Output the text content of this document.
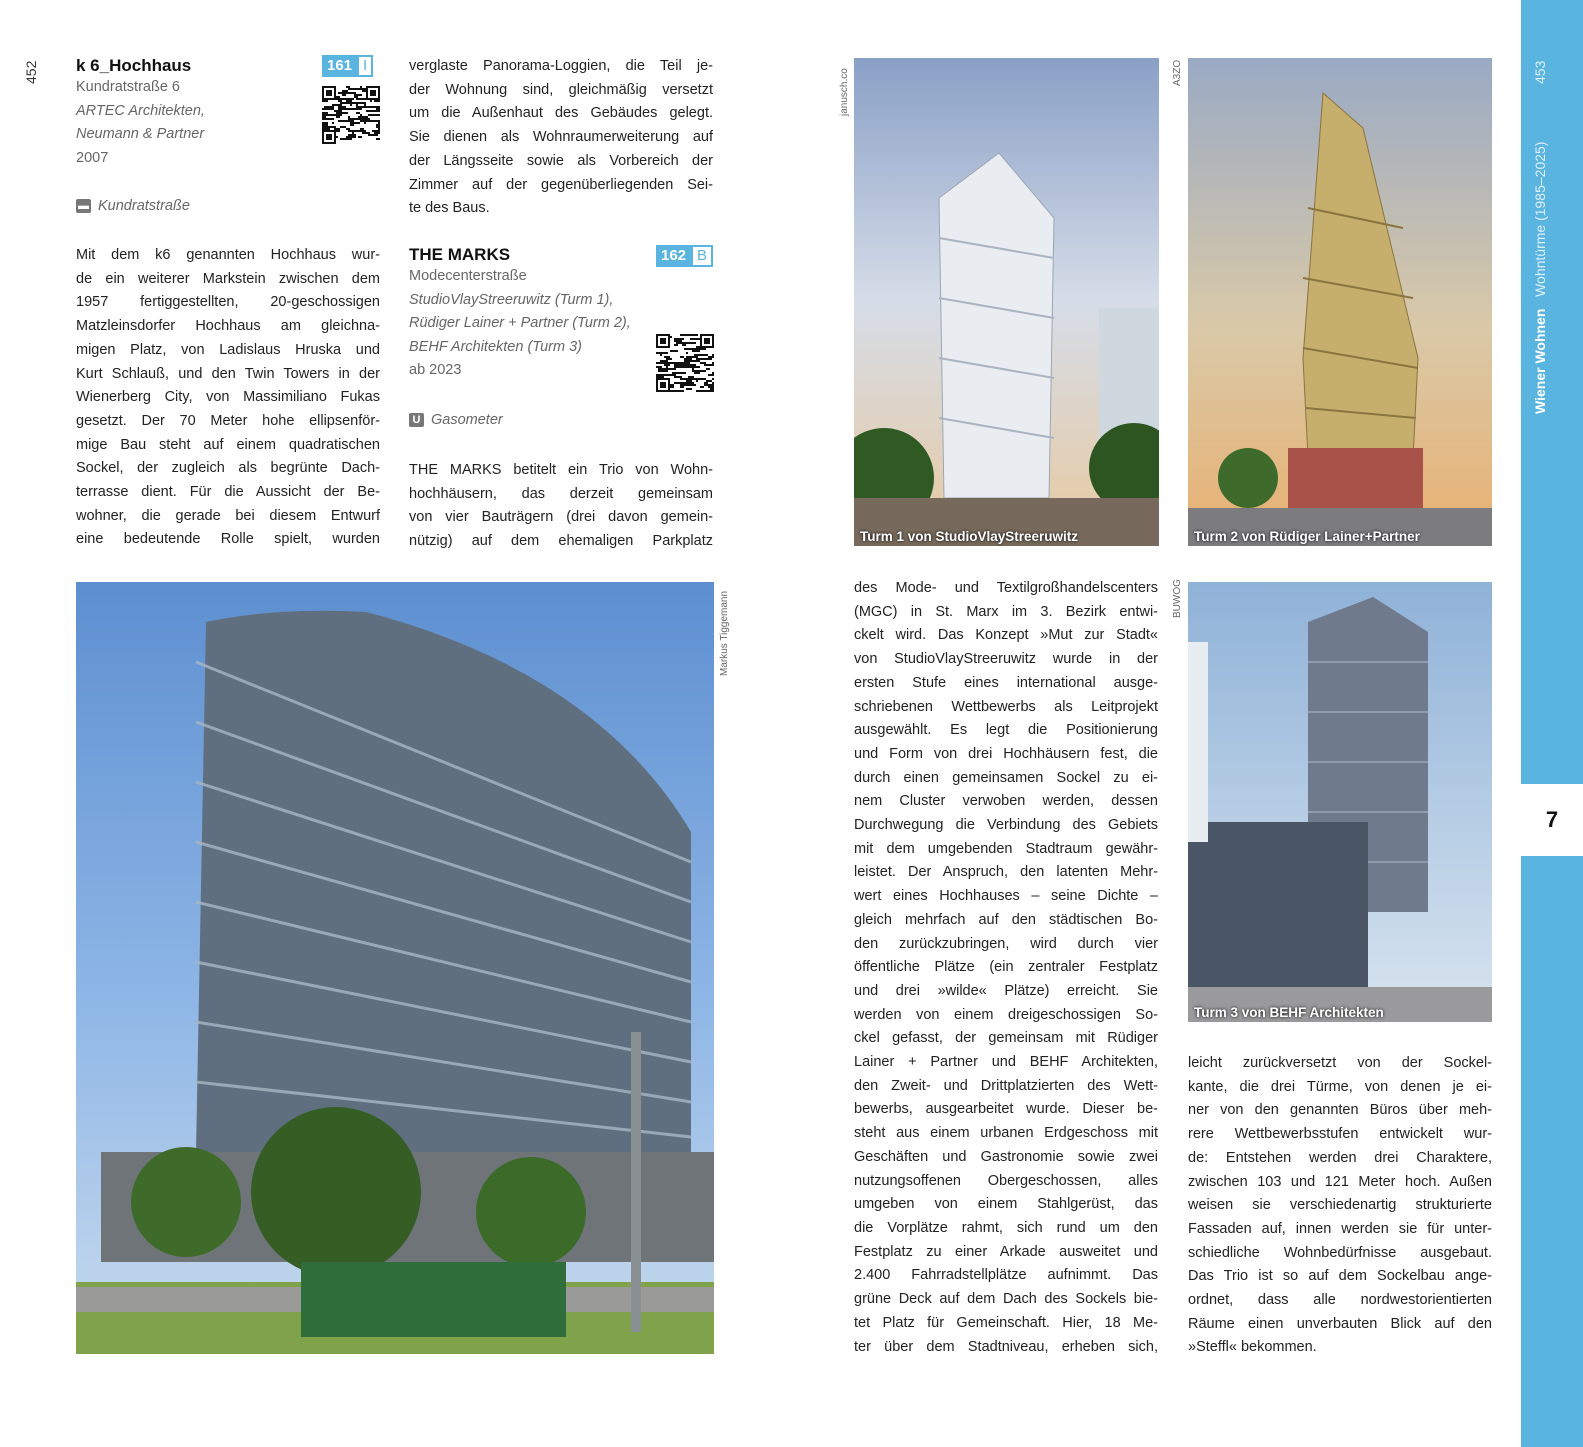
452 k 6_Hochhaus
Kundratstraße 6
ARTEC Architekten,
Neumann & Partner
2007
161 I
▬ Kundratstraße
Mit dem k6 genannten Hochhaus wur-
de ein weiterer Markstein zwischen dem
1957 fertiggestellten, 20-geschossigen
Matzleinsdorfer Hochhaus am gleichna-
migen Platz, von Ladislaus Hruska und
Kurt Schlauß, und den Twin Towers in der
Wienerberg City, von Massimiliano Fukas
gesetzt. Der 70 Meter hohe ellipsenför-
mige Bau steht auf einem quadratischen
Sockel, der zugleich als begrünte Dach-
terrasse dient. Für die Aussicht der Be-
wohner, die gerade bei diesem Entwurf
eine bedeutende Rolle spielt, wurden
verglaste Panorama-Loggien, die Teil je-
der Wohnung sind, gleichmäßig versetzt
um die Außenhaut des Gebäudes gelegt.
Sie dienen als Wohnraumerweiterung auf
der Längsseite sowie als Vorbereich der
Zimmer auf der gegenüberliegenden Sei-
te des Baus.
THE MARKS
Modecenterstraße
StudioVlayStreeruwitz (Turm 1),
Rüdiger Lainer + Partner (Turm 2),
BEHF Architekten (Turm 3)
ab 2023
162 B
U Gasometer
THE MARKS betitelt ein Trio von Wohn-
hochhäusern, das derzeit gemeinsam
von vier Bauträgern (drei davon gemein-
nützig) auf dem ehemaligen Parkplatz
Markus Tiggemann
Turm 1 von StudioVlayStreeruwitz
janusch.co
Turm 2 von Rüdiger Lainer+Partner
A3ZO
Turm 3 von BEHF Architekten
BUWOG
des Mode- und Textilgroßhandelscenters
(MGC) in St. Marx im 3. Bezirk entwi-
ckelt wird. Das Konzept »Mut zur Stadt«
von StudioVlayStreeruwitz wurde in der
ersten Stufe eines international ausge-
schriebenen Wettbewerbs als Leitprojekt
ausgewählt. Es legt die Positionierung
und Form von drei Hochhäusern fest, die
durch einen gemeinsamen Sockel zu ei-
nem Cluster verwoben werden, dessen
Durchwegung die Verbindung des Gebiets
mit dem umgebenden Stadtraum gewähr-
leistet. Der Anspruch, den latenten Mehr-
wert eines Hochhauses – seine Dichte –
gleich mehrfach auf den städtischen Bo-
den zurückzubringen, wird durch vier
öffentliche Plätze (ein zentraler Festplatz
und drei »wilde« Plätze) erreicht. Sie
werden von einem dreigeschossigen So-
ckel gefasst, der gemeinsam mit Rüdiger
Lainer + Partner und BEHF Architekten,
den Zweit- und Drittplatzierten des Wett-
bewerbs, ausgearbeitet wurde. Dieser be-
steht aus einem urbanen Erdgeschoss mit
Geschäften und Gastronomie sowie zwei
nutzungsoffenen Obergeschossen, alles
umgeben von einem Stahlgerüst, das
die Vorplätze rahmt, sich rund um den
Festplatz zu einer Arkade ausweitet und
2.400 Fahrradstellplätze aufnimmt. Das
grüne Deck auf dem Dach des Sockels bie-
tet Platz für Gemeinschaft. Hier, 18 Me-
ter über dem Stadtniveau, erheben sich,
leicht zurückversetzt von der Sockel-
kante, die drei Türme, von denen je ei-
ner von den genannten Büros über meh-
rere Wettbewerbsstufen entwickelt wur-
de: Entstehen werden drei Charaktere,
zwischen 103 und 121 Meter hoch. Außen
weisen sie verschiedenartig strukturierte
Fassaden auf, innen werden sie für unter-
schiedliche Wohnbedürfnisse ausgebaut.
Das Trio ist so auf dem Sockelbau ange-
ordnet, dass alle nordwestorientierten
Räume einen unverbauten Blick auf den
»Steffl« bekommen.
7
Wiener Wohnen   Wohntürme (1985–2025)
453
